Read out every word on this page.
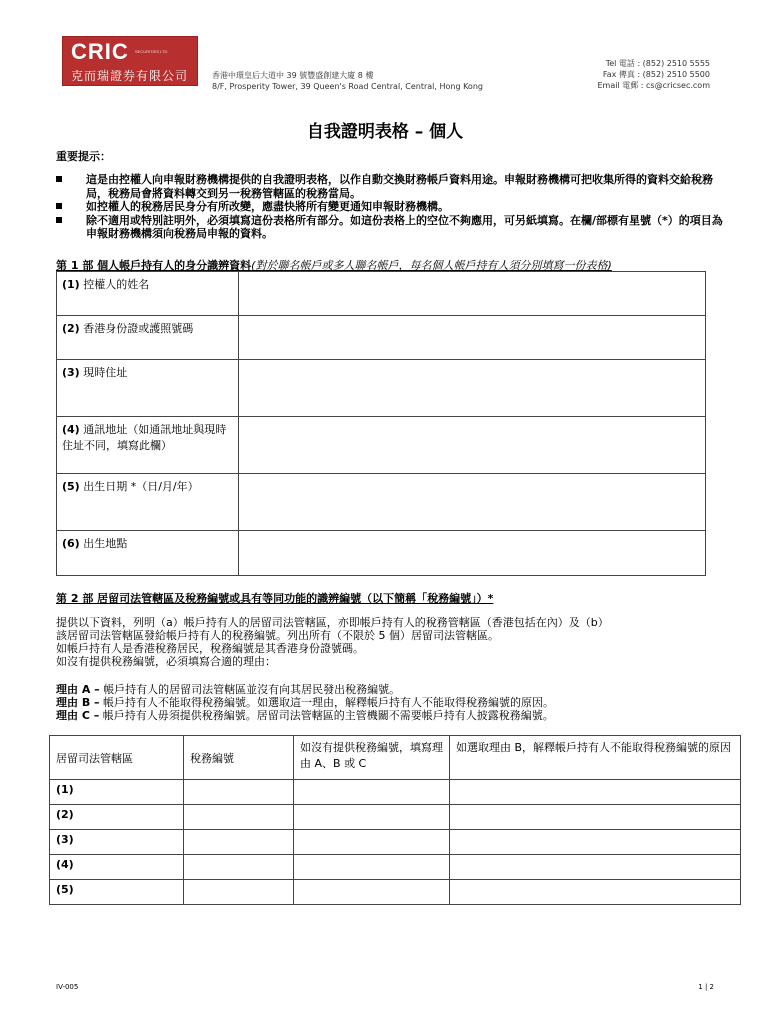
CRIC SECURITIES LTD
克而瑞證券有限公司	香港中環皇后大道中 39 號豐盛創建大廈 8 樓
8/F, Prosperity Tower, 39 Queen's Road Central, Central, Hong Kong
Tel 電話 : (852) 2510 5555
Fax 傳真 : (852) 2510 5500
Email 電郵 : cs@cricsec.com
自我證明表格 – 個人
重要提示：
這是由控權人向申報財務機構提供的自我證明表格，以作自動交換財務帳戶資料用途。申報財務機構可把收集所得的資料交給稅務局，稅務局會將資料轉交到另一稅務管轄區的稅務當局。
如控權人的稅務居民身分有所改變，應盡快將所有變更通知申報財務機構。
除不適用或特別註明外，必須填寫這份表格所有部分。如這份表格上的空位不夠應用，可另紙填寫。在欄/部標有星號（*）的項目為申報財務機構須向稅務局申報的資料。
第 1 部 個人帳戶持有人的身分識辨資料(對於聯名帳戶或多人聯名帳戶，每名個人帳戶持有人須分別填寫一份表格)
(1) 控權人的姓名	
(2) 香港身份證或護照號碼	
(3) 現時住址	
(4) 通訊地址（如通訊地址與現時住址不同，填寫此欄）	
(5) 出生日期 *（日/月/年）	
(6) 出生地點	
第 2 部 居留司法管轄區及稅務編號或具有等同功能的識辨編號（以下簡稱「稅務編號」）*
提供以下資料，列明（a）帳戶持有人的居留司法管轄區，亦即帳戶持有人的稅務管轄區（香港包括在內）及（b）
該居留司法管轄區發給帳戶持有人的稅務編號。列出所有（不限於 5 個）居留司法管轄區。
如帳戶持有人是香港稅務居民，稅務編號是其香港身份證號碼。
如沒有提供稅務編號，必須填寫合適的理由：
理由 A – 帳戶持有人的居留司法管轄區並沒有向其居民發出稅務編號。
理由 B – 帳戶持有人不能取得稅務編號。如選取這一理由，解釋帳戶持有人不能取得稅務編號的原因。
理由 C – 帳戶持有人毋須提供稅務編號。居留司法管轄區的主管機關不需要帳戶持有人披露稅務編號。
居留司法管轄區	稅務編號	如沒有提供稅務編號，填寫理由 A、B 或 C	如選取理由 B，解釋帳戶持有人不能取得稅務編號的原因
(1)			
(2)			
(3)			
(4)			
(5)			
IV-005	1 | 2
